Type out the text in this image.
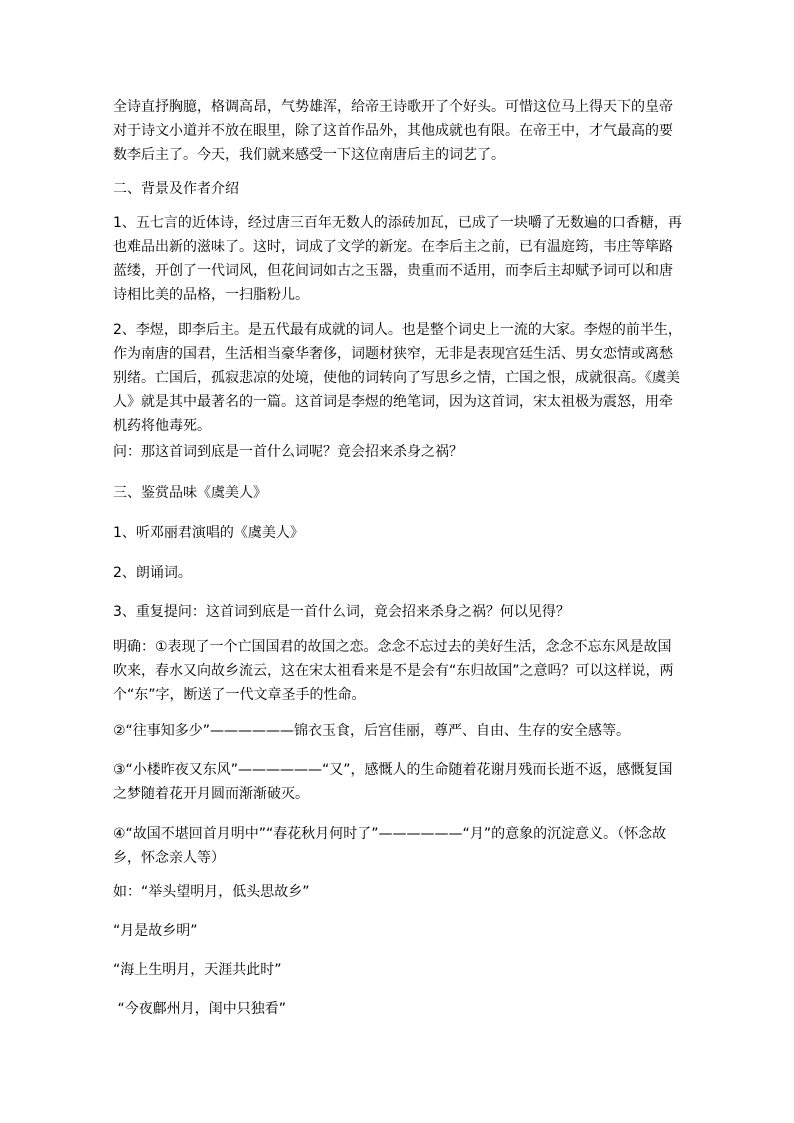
全诗直抒胸臆，格调高昂，气势雄浑，给帝王诗歌开了个好头。可惜这位马上得天下的皇帝对于诗文小道并不放在眼里，除了这首作品外，其他成就也有限。在帝王中，才气最高的要数李后主了。今天，我们就来感受一下这位南唐后主的词艺了。

二、背景及作者介绍

1、五七言的近体诗，经过唐三百年无数人的添砖加瓦，已成了一块嚼了无数遍的口香糖，再也难品出新的滋味了。这时，词成了文学的新宠。在李后主之前，已有温庭筠，韦庄等筚路蓝缕，开创了一代词风，但花间词如古之玉器，贵重而不适用，而李后主却赋予词可以和唐诗相比美的品格，一扫脂粉儿。

2、李煜，即李后主。是五代最有成就的词人。也是整个词史上一流的大家。李煜的前半生，作为南唐的国君，生活相当豪华奢侈，词题材狭窄，无非是表现宫廷生活、男女恋情或离愁别绪。亡国后，孤寂悲凉的处境，使他的词转向了写思乡之情，亡国之恨，成就很高。《虞美人》就是其中最著名的一篇。这首词是李煜的绝笔词，因为这首词，宋太祖极为震怒，用牵机药将他毒死。

问：那这首词到底是一首什么词呢？竟会招来杀身之祸？

三、鉴赏品味《虞美人》

1、听邓丽君演唱的《虞美人》

2、朗诵词。

3、重复提问：这首词到底是一首什么词，竟会招来杀身之祸？何以见得？

明确：①表现了一个亡国国君的故国之恋。念念不忘过去的美好生活，念念不忘东风是故国吹来，春水又向故乡流云，这在宋太祖看来是不是会有“东归故国”之意吗？可以这样说，两个“东”字，断送了一代文章圣手的性命。

②“往事知多少”——————锦衣玉食，后宫佳丽，尊严、自由、生存的安全感等。

③“小楼昨夜又东风”——————“又”，感慨人的生命随着花谢月残而长逝不返，感慨复国之梦随着花开月圆而渐渐破灭。

④“故国不堪回首月明中”“春花秋月何时了”——————“月”的意象的沉淀意义。（怀念故乡，怀念亲人等）

如：“举头望明月，低头思故乡”

“月是故乡明”

“海上生明月，天涯共此时”

“今夜鄜州月，闺中只独看”
